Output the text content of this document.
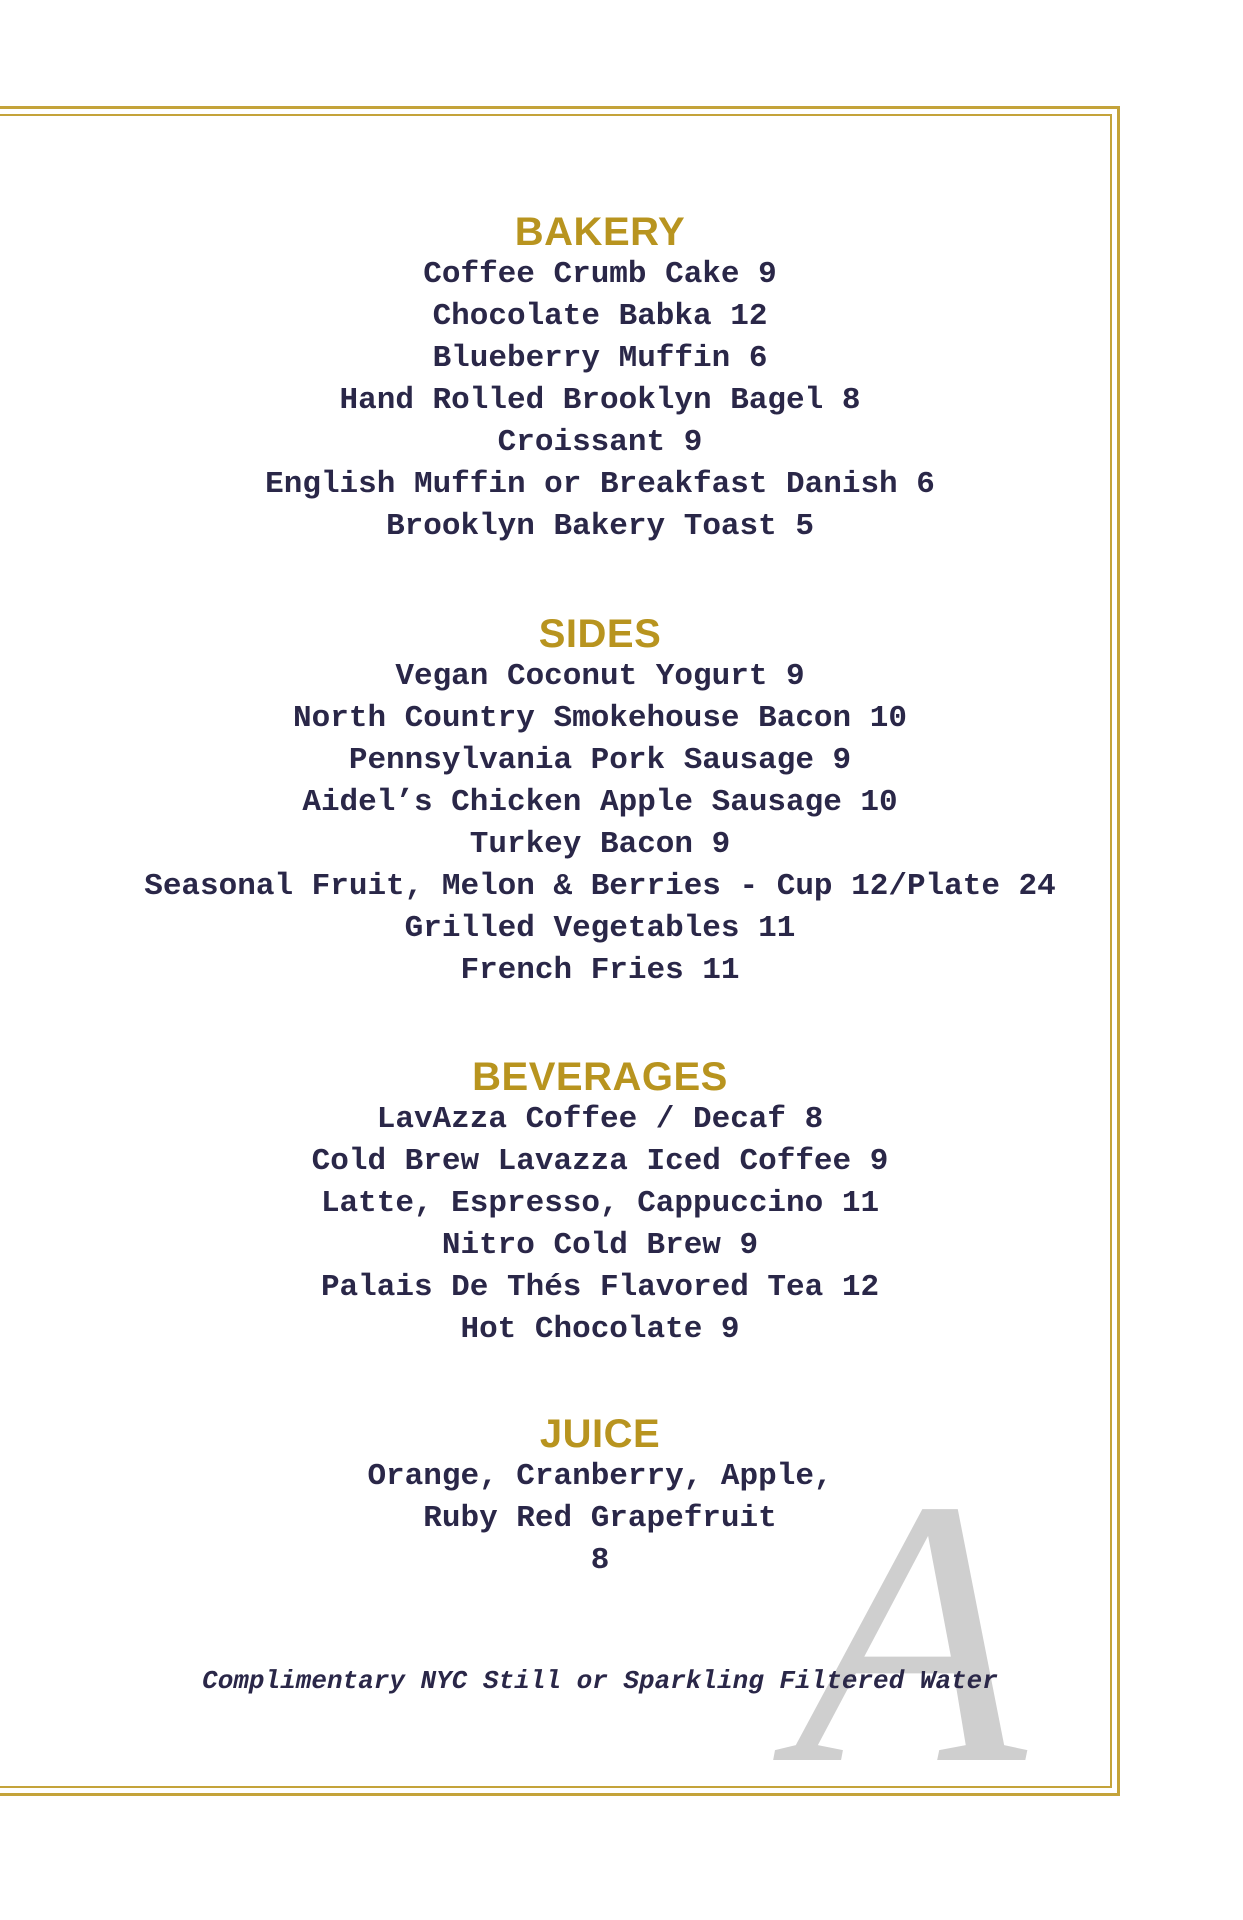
A
BAKERY
Coffee Crumb Cake 9
Chocolate Babka 12
Blueberry Muffin 6
Hand Rolled Brooklyn Bagel 8
Croissant 9
English Muffin or Breakfast Danish 6
Brooklyn Bakery Toast 5
SIDES
Vegan Coconut Yogurt 9
North Country Smokehouse Bacon 10
Pennsylvania Pork Sausage 9
Aidel’s Chicken Apple Sausage 10
Turkey Bacon 9
Seasonal Fruit, Melon & Berries - Cup 12/Plate 24
Grilled Vegetables 11
French Fries 11
BEVERAGES
LavAzza Coffee / Decaf 8
Cold Brew Lavazza Iced Coffee 9
Latte, Espresso, Cappuccino 11
Nitro Cold Brew 9
Palais De Thés Flavored Tea 12
Hot Chocolate 9
JUICE
Orange, Cranberry, Apple,
Ruby Red Grapefruit
8
Complimentary NYC Still or Sparkling Filtered Water
